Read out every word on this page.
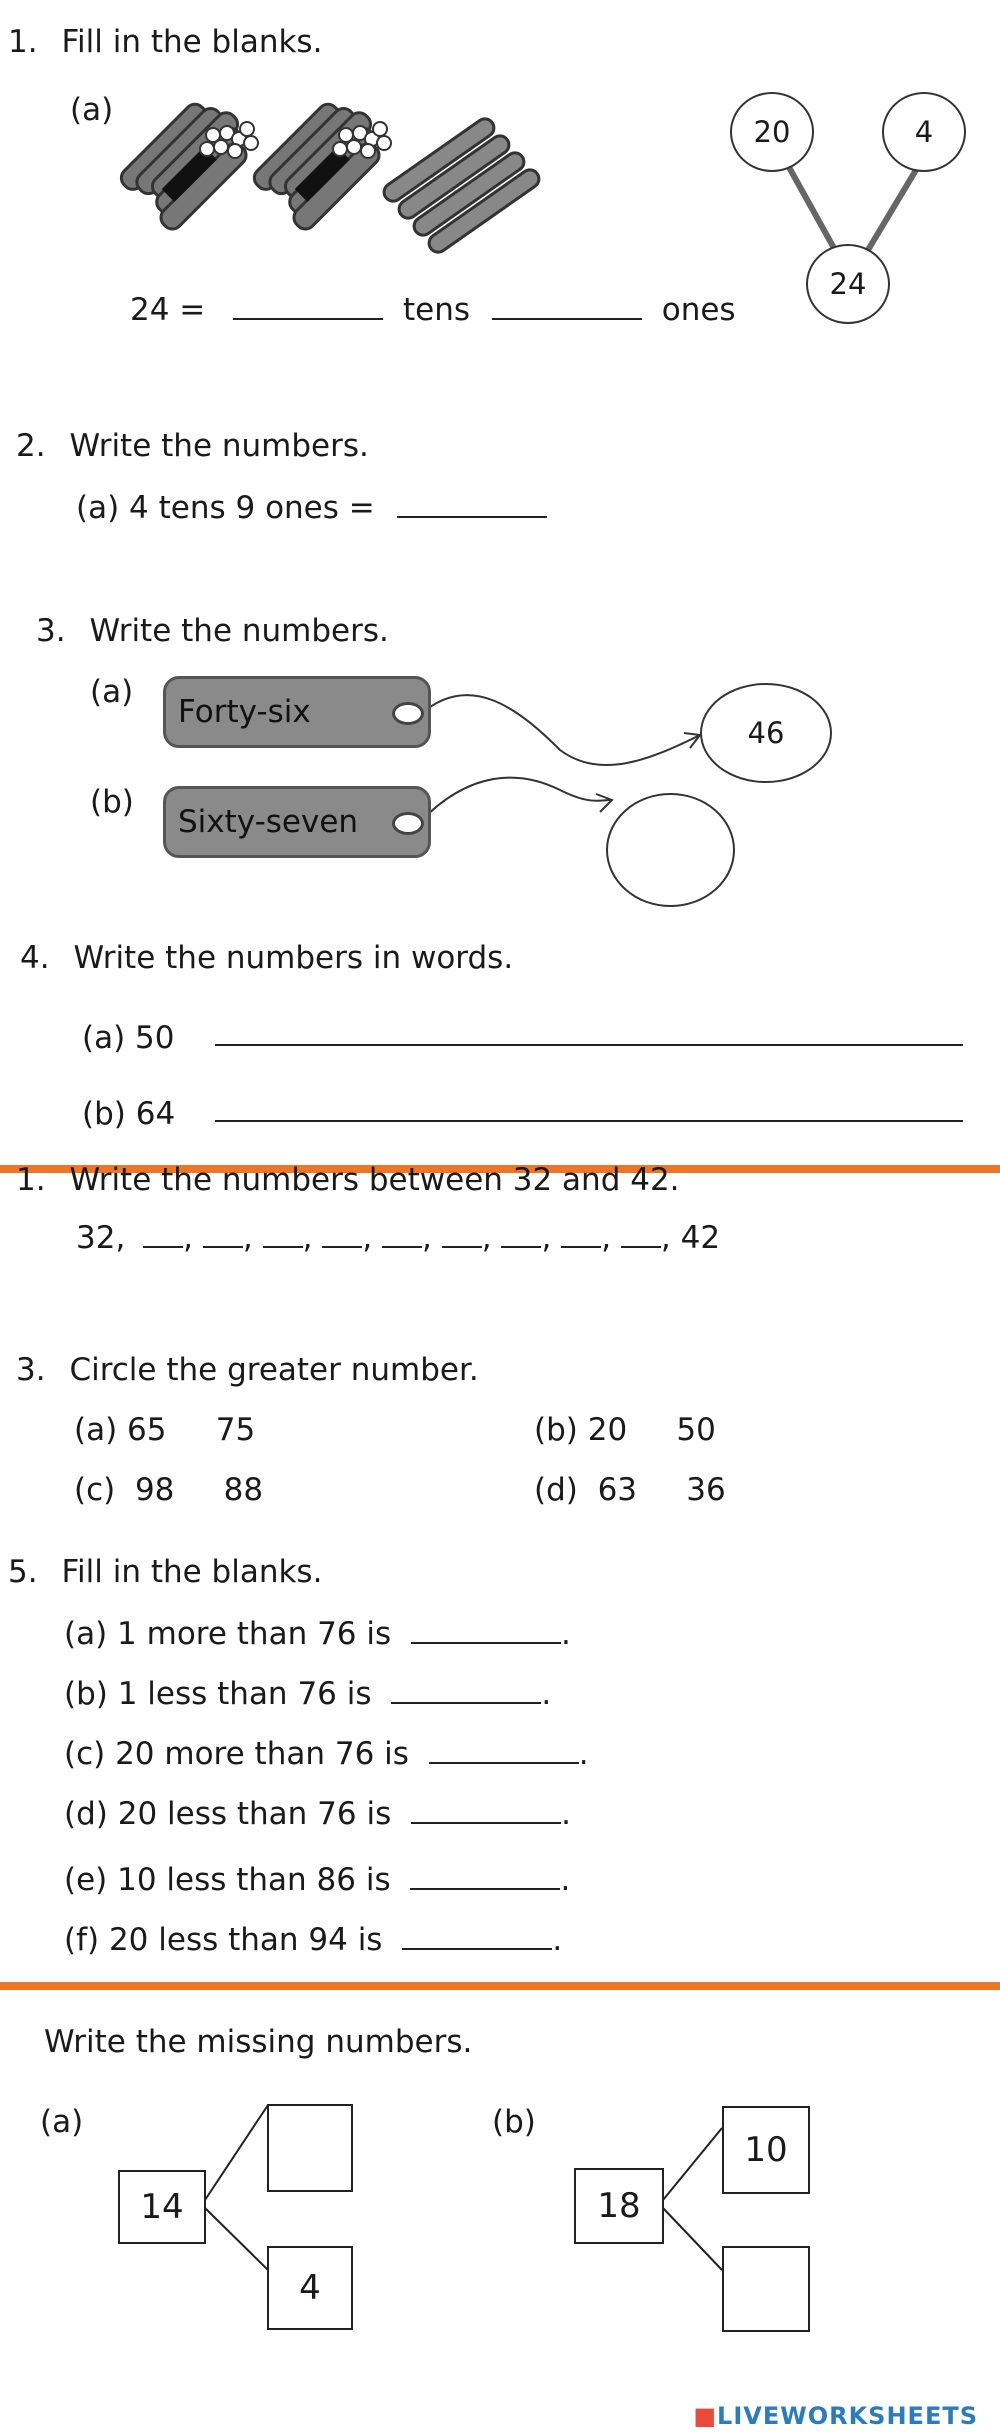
1. Fill in the blanks.
(a)
24 =	tens	ones
20	4
24
2. Write the numbers.
(a) 4 tens 9 ones =
3. Write the numbers.
(a)
Forty-six
46
(b)
Sixty-seven
4. Write the numbers in words.
(a) 50
(b) 64
1. Write the numbers between 32 and 42.
32, , , , , , , , , , 42
3. Circle the greater number.
(a) 65     75	(b) 20     50
(c)  98     88	(d)  63     36
5. Fill in the blanks.
(a) 1 more than 76 is	.
(b) 1 less than 76 is	.
(c) 20 more than 76 is	.
(d) 20 less than 76 is	.
(e) 10 less than 86 is	.
(f) 20 less than 94 is	.
Write the missing numbers.
(a)	(b)
14
4
18
10
■LIVEWORKSHEETS
